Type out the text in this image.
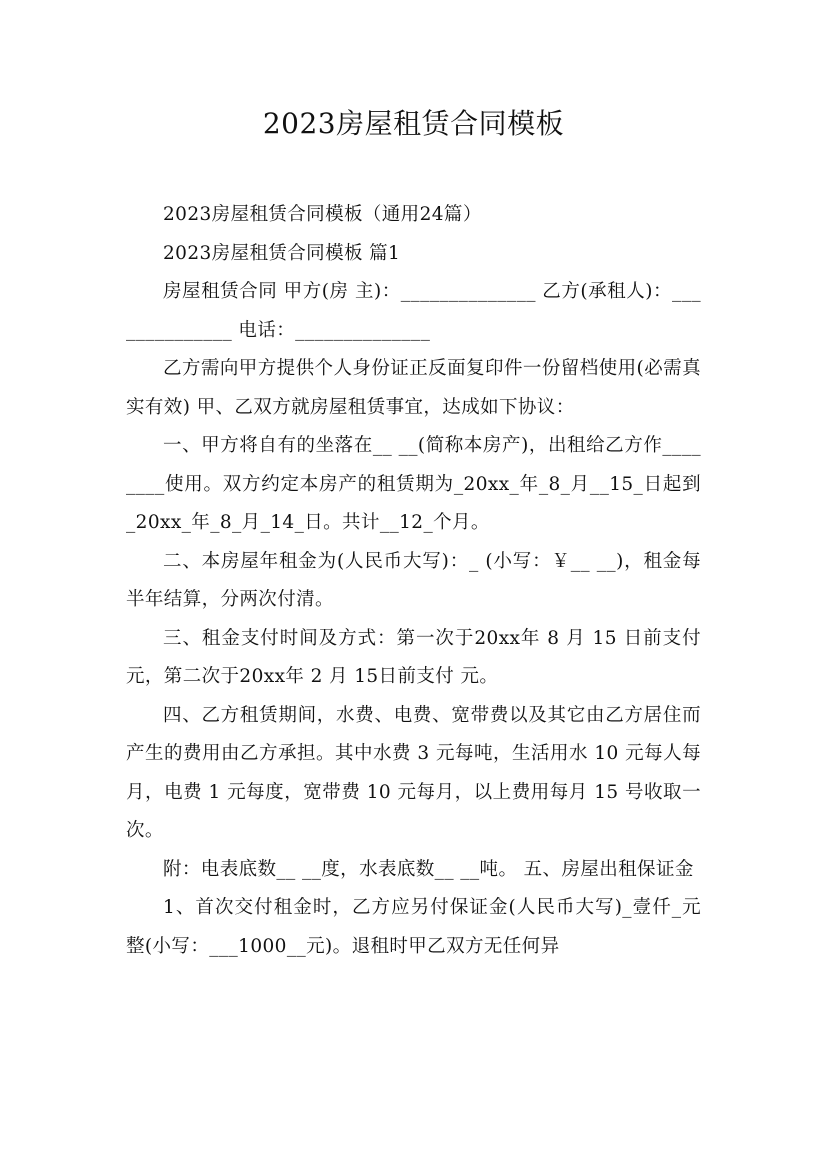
2023房屋租赁合同模板

2023房屋租赁合同模板（通用24篇）

2023房屋租赁合同模板 篇1

房屋租赁合同 甲方(房 主)：______________ 乙方(承租人)：______________ 电话：______________

乙方需向甲方提供个人身份证正反面复印件一份留档使用(必需真实有效) 甲、乙双方就房屋租赁事宜，达成如下协议：

一、甲方将自有的坐落在__ __(简称本房产)，出租给乙方作____ ____使用。双方约定本房产的租赁期为_20xx_年_8_月__15_日起到_20xx_年_8_月_14_日。共计__12_个月。

二、本房屋年租金为(人民币大写)：_ (小写：￥__ __)，租金每半年结算，分两次付清。

三、租金支付时间及方式：第一次于20xx年 8 月 15 日前支付 元，第二次于20xx年 2 月 15日前支付 元。

四、乙方租赁期间，水费、电费、宽带费以及其它由乙方居住而产生的费用由乙方承担。其中水费 3 元每吨，生活用水 10 元每人每月，电费 1 元每度，宽带费 10 元每月，以上费用每月 15 号收取一次。

附：电表底数__ __度，水表底数__ __吨。 五、房屋出租保证金

1、首次交付租金时，乙方应另付保证金(人民币大写)_壹仟_元整(小写：___1000__元)。退租时甲乙双方无任何异
